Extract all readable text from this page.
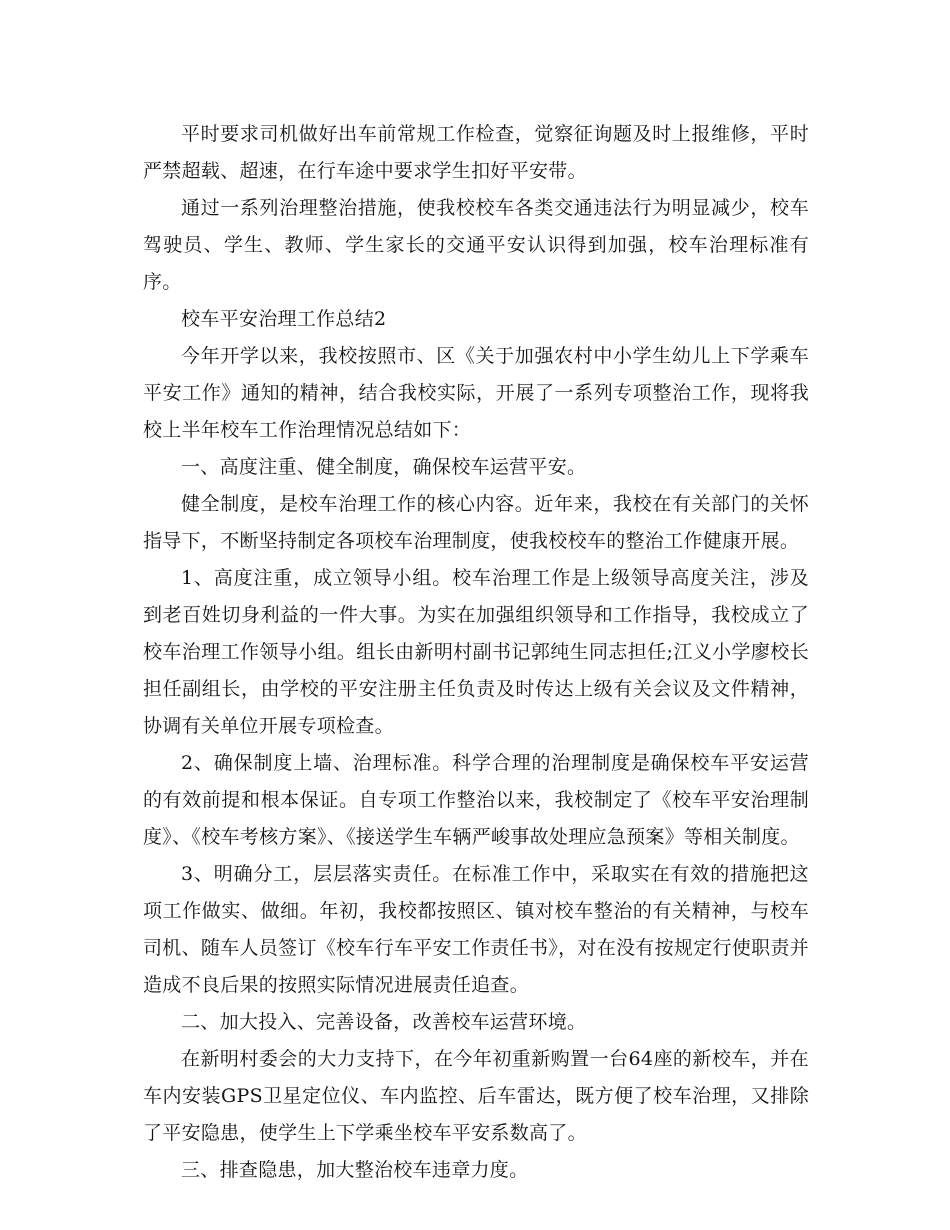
平时要求司机做好出车前常规工作检查，觉察征询题及时上报维修，平时严禁超载、超速，在行车途中要求学生扣好平安带。

通过一系列治理整治措施，使我校校车各类交通违法行为明显减少，校车驾驶员、学生、教师、学生家长的交通平安认识得到加强，校车治理标准有序。

校车平安治理工作总结2

今年开学以来，我校按照市、区《关于加强农村中小学生幼儿上下学乘车平安工作》通知的精神，结合我校实际，开展了一系列专项整治工作，现将我校上半年校车工作治理情况总结如下：

一、高度注重、健全制度，确保校车运营平安。

健全制度，是校车治理工作的核心内容。近年来，我校在有关部门的关怀指导下，不断坚持制定各项校车治理制度，使我校校车的整治工作健康开展。

1、高度注重，成立领导小组。校车治理工作是上级领导高度关注，涉及到老百姓切身利益的一件大事。为实在加强组织领导和工作指导，我校成立了校车治理工作领导小组。组长由新明村副书记郭纯生同志担任;江义小学廖校长担任副组长，由学校的平安注册主任负责及时传达上级有关会议及文件精神，协调有关单位开展专项检查。

2、确保制度上墙、治理标准。科学合理的治理制度是确保校车平安运营的有效前提和根本保证。自专项工作整治以来，我校制定了《校车平安治理制度》、《校车考核方案》、《接送学生车辆严峻事故处理应急预案》等相关制度。

3、明确分工，层层落实责任。在标准工作中，采取实在有效的措施把这项工作做实、做细。年初，我校都按照区、镇对校车整治的有关精神，与校车司机、随车人员签订《校车行车平安工作责任书》，对在没有按规定行使职责并造成不良后果的按照实际情况进展责任追查。

二、加大投入、完善设备，改善校车运营环境。

在新明村委会的大力支持下，在今年初重新购置一台64座的新校车，并在车内安装GPS卫星定位仪、车内监控、后车雷达，既方便了校车治理，又排除了平安隐患，使学生上下学乘坐校车平安系数高了。

三、排查隐患，加大整治校车违章力度。
